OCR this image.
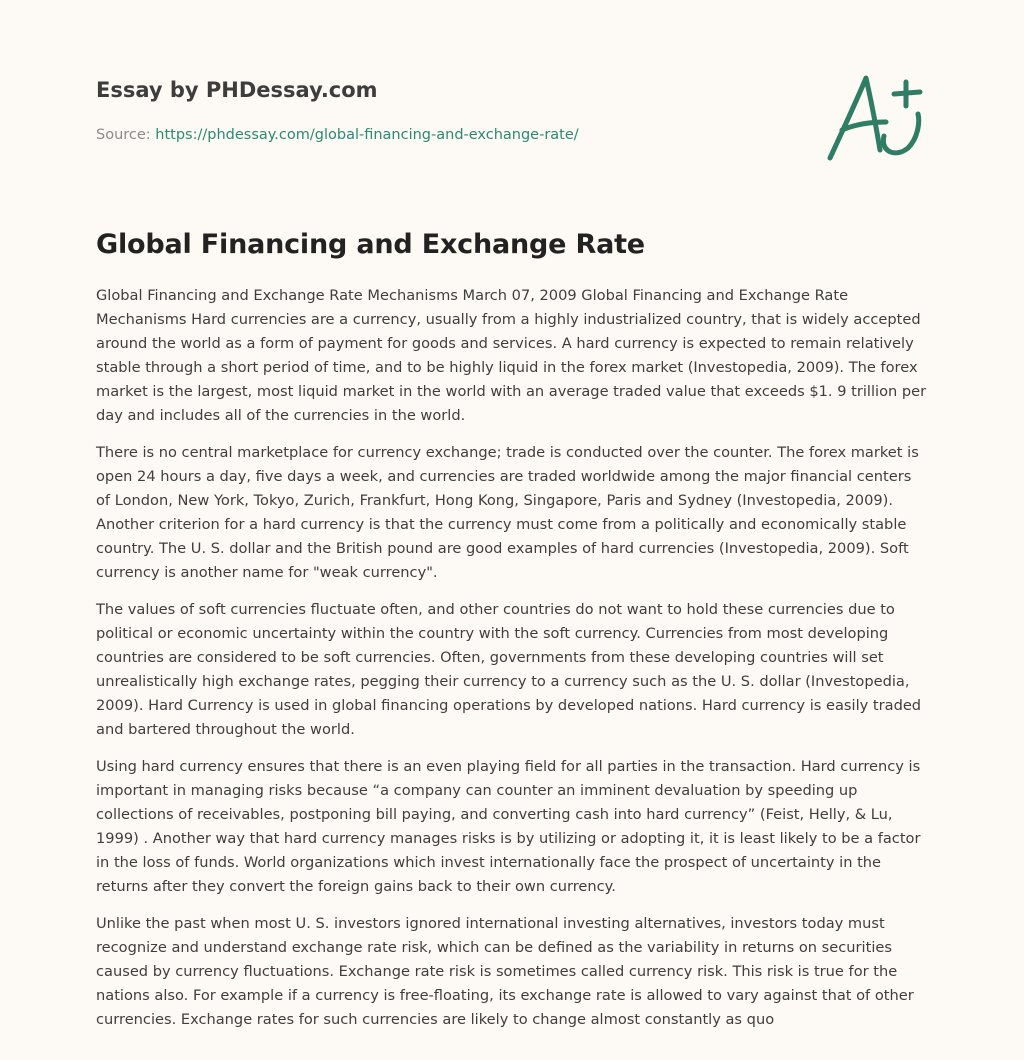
Essay by PHDessay.com
Source: https://phdessay.com/global-financing-and-exchange-rate/
Global Financing and Exchange Rate

Global Financing and Exchange Rate Mechanisms March 07, 2009 Global Financing and Exchange Rate Mechanisms Hard currencies are a currency, usually from a highly industrialized country, that is widely accepted around the world as a form of payment for goods and services. A hard currency is expected to remain relatively stable through a short period of time, and to be highly liquid in the forex market (Investopedia, 2009). The forex market is the largest, most liquid market in the world with an average traded value that exceeds $1. 9 trillion per day and includes all of the currencies in the world.

There is no central marketplace for currency exchange; trade is conducted over the counter. The forex market is open 24 hours a day, five days a week, and currencies are traded worldwide among the major financial centers of London, New York, Tokyo, Zurich, Frankfurt, Hong Kong, Singapore, Paris and Sydney (Investopedia, 2009). Another criterion for a hard currency is that the currency must come from a politically and economically stable country. The U. S. dollar and the British pound are good examples of hard currencies (Investopedia, 2009). Soft currency is another name for "weak currency".

The values of soft currencies fluctuate often, and other countries do not want to hold these currencies due to political or economic uncertainty within the country with the soft currency. Currencies from most developing countries are considered to be soft currencies. Often, governments from these developing countries will set unrealistically high exchange rates, pegging their currency to a currency such as the U. S. dollar (Investopedia, 2009). Hard Currency is used in global financing operations by developed nations. Hard currency is easily traded and bartered throughout the world.

Using hard currency ensures that there is an even playing field for all parties in the transaction. Hard currency is important in managing risks because “a company can counter an imminent devaluation by speeding up collections of receivables, postponing bill paying, and converting cash into hard currency” (Feist, Helly, & Lu, 1999) . Another way that hard currency manages risks is by utilizing or adopting it, it is least likely to be a factor in the loss of funds. World organizations which invest internationally face the prospect of uncertainty in the returns after they convert the foreign gains back to their own currency.

Unlike the past when most U. S. investors ignored international investing alternatives, investors today must recognize and understand exchange rate risk, which can be defined as the variability in returns on securities caused by currency fluctuations. Exchange rate risk is sometimes called currency risk. This risk is true for the nations also. For example if a currency is free-floating, its exchange rate is allowed to vary against that of other currencies. Exchange rates for such currencies are likely to change almost constantly as quo
